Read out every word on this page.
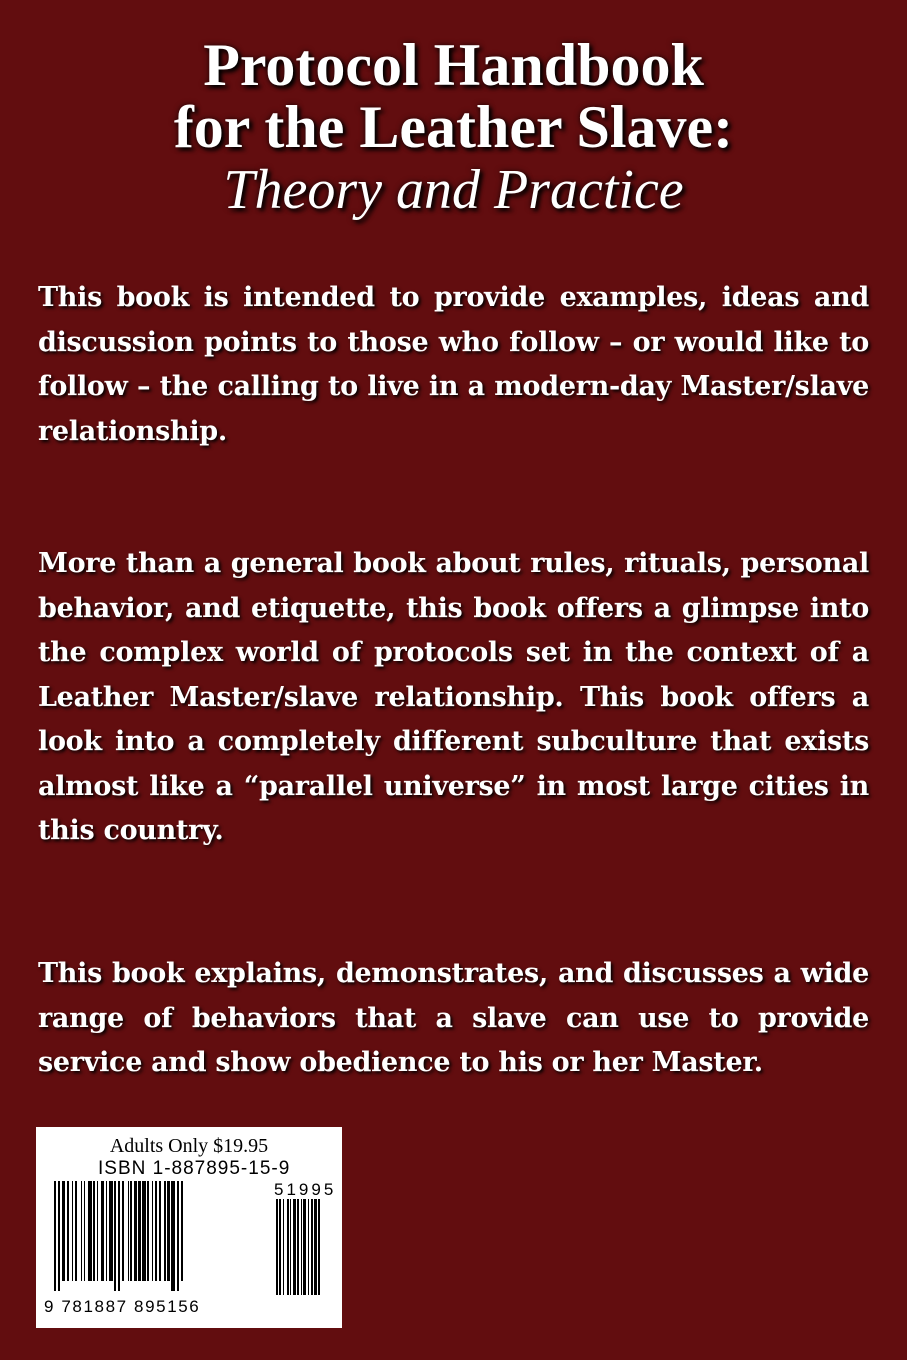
Protocol Handbook
for the Leather Slave:
Theory and Practice

This book is intended to provide examples, ideas and discussion points to those who follow – or would like to follow – the calling to live in a modern-day Master/slave relationship.

More than a general book about rules, rituals, personal behavior, and etiquette, this book offers a glimpse into the complex world of protocols set in the context of a Leather Master/slave relationship. This book offers a look into a completely different subculture that exists almost like a “parallel universe” in most large cities in this country.

This book explains, demonstrates, and discusses a wide range of behaviors that a slave can use to provide service and show obedience to his or her Master.

Adults Only $19.95
ISBN 1-887895-15-9
51995
9 781887 895156
